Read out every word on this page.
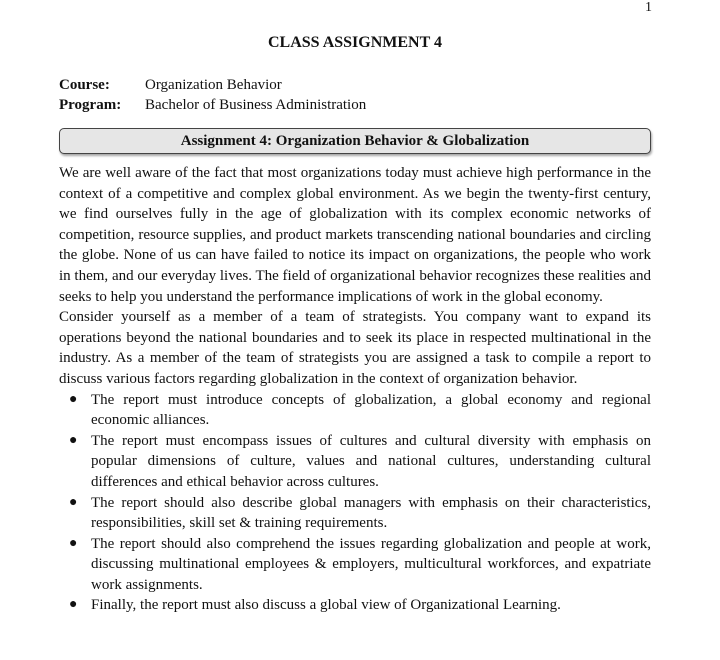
1
CLASS ASSIGNMENT 4
Course:	Organization Behavior
Program:	Bachelor of Business Administration
Assignment 4: Organization Behavior & Globalization

We are well aware of the fact that most organizations today must achieve high performance in the context of a competitive and complex global environment. As we begin the twenty-first century, we find ourselves fully in the age of globalization with its complex economic networks of competition, resource supplies, and product markets transcending national boundaries and circling the globe. None of us can have failed to notice its impact on organizations, the people who work in them, and our everyday lives. The field of organizational behavior recognizes these realities and seeks to help you understand the performance implications of work in the global economy.

Consider yourself as a member of a team of strategists. You company want to expand its operations beyond the national boundaries and to seek its place in respected multinational in the industry. As a member of the team of strategists you are assigned a task to compile a report to discuss various factors regarding globalization in the context of organization behavior.

● The report must introduce concepts of globalization, a global economy and regional economic alliances.
● The report must encompass issues of cultures and cultural diversity with emphasis on popular dimensions of culture, values and national cultures, understanding cultural differences and ethical behavior across cultures.
● The report should also describe global managers with emphasis on their characteristics, responsibilities, skill set & training requirements.
● The report should also comprehend the issues regarding globalization and people at work, discussing multinational employees & employers, multicultural workforces, and expatriate work assignments.
● Finally, the report must also discuss a global view of Organizational Learning.
